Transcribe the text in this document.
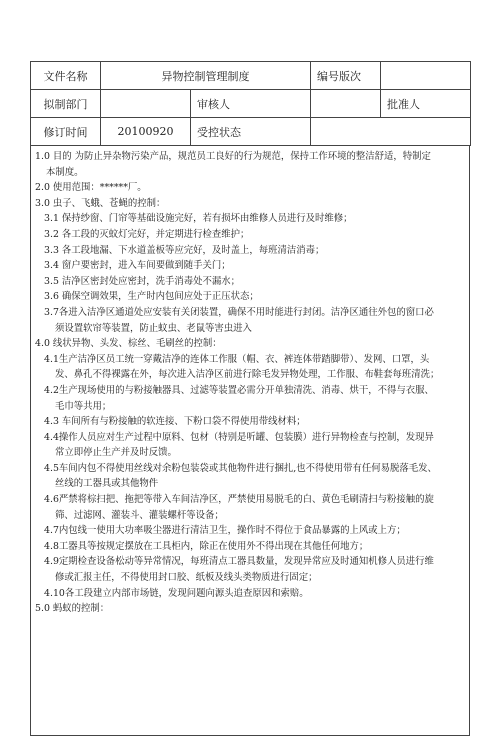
文件名称	异物控制管理制度		编号版次	
拟制部门		审核人		批准人
修订时间	20100920	受控状态		
1.0 目的 为防止异杂物污染产品，规范员工良好的行为规范，保持工作环境的整洁舒适，特制定
本制度。
2.0 使用范围：******厂。
3.0 虫子、飞蛾、苍蝇的控制：
3.1 保持纱窗、门帘等基础设施完好，若有损坏由维修人员进行及时维修；
3.2 各工段的灭蚊灯完好，并定期进行检查维护；
3.3 各工段地漏、下水道盖板等应完好，及时盖上，每班清洁消毒；
3.4 窗户要密封，进入车间要做到随手关门；
3.5 洁净区密封处应密封，洗手消毒处不漏水；
3.6 确保空调效果，生产时内包间应处于正压状态；
3.7各进入洁净区通道处应安装有关闭装置，确保不用时能进行封闭。洁净区通往外包的窗口必
须设置软帘等装置，防止蚊虫、老鼠等害虫进入
4.0 线状异物、头发、棕丝、毛刷丝的控制：
4.1生产洁净区员工统一穿戴洁净的连体工作服（帽、衣、裤连体带踏脚带）、发网、口罩，头
发、鼻孔不得裸露在外，每次进入洁净区前进行除毛发异物处理，工作服、布鞋套每班清洗；
4.2生产现场使用的与粉接触器具、过滤等装置必需分开单独清洗、消毒、烘干，不得与衣服、
毛巾等共用；
4.3 车间所有与粉接触的软连接、下粉口袋不得使用带线材料；
4.4操作人员应对生产过程中原料、包材（特别是听罐、包装膜）进行异物检查与控制，发现异
常立即停止生产并及时反馈。
4.5车间内包不得使用丝线对余粉包装袋或其他物件进行捆扎,也不得使用带有任何易脱落毛发、
丝线的工器具或其他物件
4.6严禁将棕扫把、拖把等带入车间洁净区，严禁使用易脱毛的白、黄色毛刷清扫与粉接触的旋
筛、过滤网、灌装斗、灌装螺杆等设备；
4.7内包线一使用大功率吸尘器进行清洁卫生，操作时不得位于食品暴露的上风或上方；
4.8工器具等按规定摆放在工具柜内，除正在使用外不得出现在其他任何地方；
4.9定期检查设备松动等异常情况，每班清点工器具数量，发现异常应及时通知机修人员进行维
修或汇报主任，不得使用封口胶、纸板及线头类物质进行固定；
4.10各工段建立内部市场链，发现问题向源头追查原因和索赔。
5.0 蚂蚁的控制：
